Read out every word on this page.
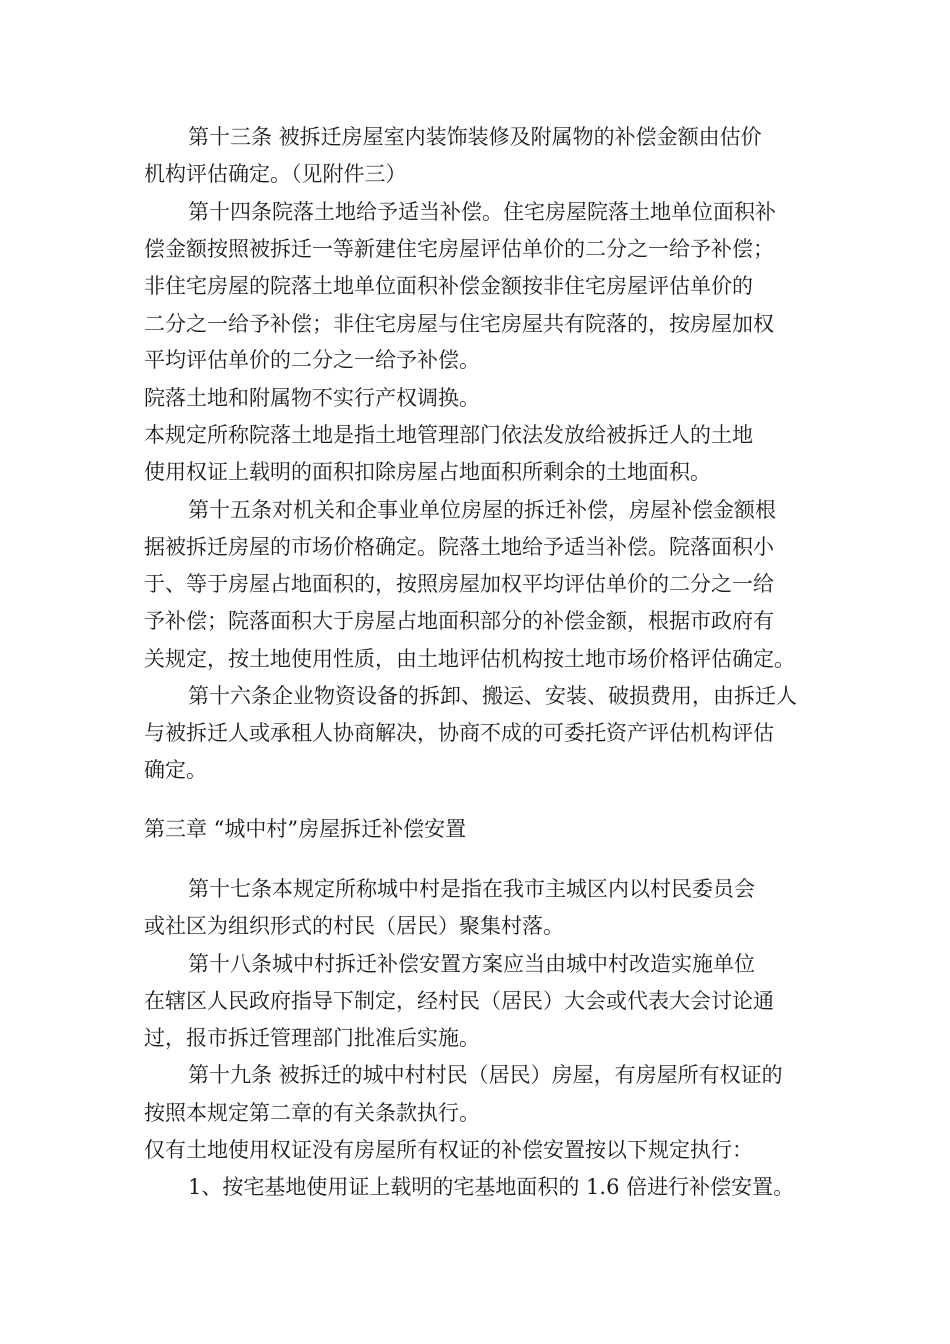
第十三条 被拆迁房屋室内装饰装修及附属物的补偿金额由估价
机构评估确定。（见附件三）
第十四条院落土地给予适当补偿。住宅房屋院落土地单位面积补
偿金额按照被拆迁一等新建住宅房屋评估单价的二分之一给予补偿；
非住宅房屋的院落土地单位面积补偿金额按非住宅房屋评估单价的
二分之一给予补偿；非住宅房屋与住宅房屋共有院落的，按房屋加权
平均评估单价的二分之一给予补偿。
院落土地和附属物不实行产权调换。
本规定所称院落土地是指土地管理部门依法发放给被拆迁人的土地
使用权证上载明的面积扣除房屋占地面积所剩余的土地面积。
第十五条对机关和企事业单位房屋的拆迁补偿，房屋补偿金额根
据被拆迁房屋的市场价格确定。院落土地给予适当补偿。院落面积小
于、等于房屋占地面积的，按照房屋加权平均评估单价的二分之一给
予补偿；院落面积大于房屋占地面积部分的补偿金额，根据市政府有
关规定，按土地使用性质，由土地评估机构按土地市场价格评估确定。
第十六条企业物资设备的拆卸、搬运、安装、破损费用，由拆迁人
与被拆迁人或承租人协商解决，协商不成的可委托资产评估机构评估
确定。
第三章 “城中村”房屋拆迁补偿安置
第十七条本规定所称城中村是指在我市主城区内以村民委员会
或社区为组织形式的村民（居民）聚集村落。
第十八条城中村拆迁补偿安置方案应当由城中村改造实施单位
在辖区人民政府指导下制定，经村民（居民）大会或代表大会讨论通
过，报市拆迁管理部门批准后实施。
第十九条 被拆迁的城中村村民（居民）房屋，有房屋所有权证的
按照本规定第二章的有关条款执行。
仅有土地使用权证没有房屋所有权证的补偿安置按以下规定执行：
1、按宅基地使用证上载明的宅基地面积的 1.6 倍进行补偿安置。
